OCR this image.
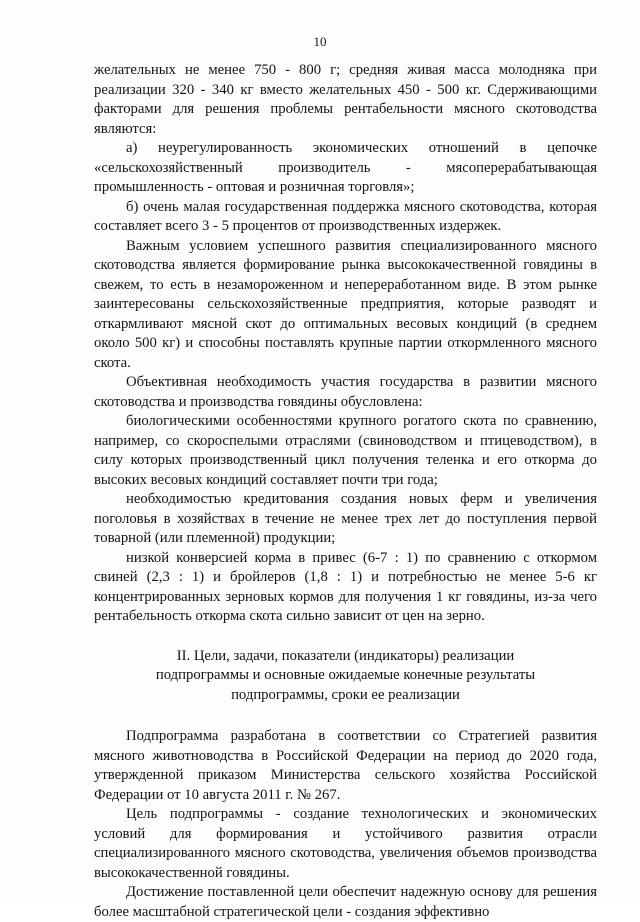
10

желательных не менее 750 - 800 г; средняя живая масса молодняка при реализации 320 - 340 кг вместо желательных 450 - 500 кг. Сдерживающими факторами для решения проблемы рентабельности мясного скотоводства являются:

а) неурегулированность экономических отношений в цепочке «сельскохозяйственный производитель - мясоперерабатывающая промышленность - оптовая и розничная торговля»;

б) очень малая государственная поддержка мясного скотоводства, которая составляет всего 3 - 5 процентов от производственных издержек.

Важным условием успешного развития специализированного мясного скотоводства является формирование рынка высококачественной говядины в свежем, то есть в незамороженном и непереработанном виде. В этом рынке заинтересованы сельскохозяйственные предприятия, которые разводят и откармливают мясной скот до оптимальных весовых кондиций (в среднем около 500 кг) и способны поставлять крупные партии откормленного мясного скота.

Объективная необходимость участия государства в развитии мясного скотоводства и производства говядины обусловлена:

биологическими особенностями крупного рогатого скота по сравнению, например, со скороспелыми отраслями (свиноводством и птицеводством), в силу которых производственный цикл получения теленка и его откорма до высоких весовых кондиций составляет почти три года;

необходимостью кредитования создания новых ферм и увеличения поголовья в хозяйствах в течение не менее трех лет до поступления первой товарной (или племенной) продукции;

низкой конверсией корма в привес (6-7 : 1) по сравнению с откормом свиней (2,3 : 1) и бройлеров (1,8 : 1) и потребностью не менее 5-6 кг концентрированных зерновых кормов для получения 1 кг говядины, из-за чего рентабельность откорма скота сильно зависит от цен на зерно.

II. Цели, задачи, показатели (индикаторы) реализации
подпрограммы и основные ожидаемые конечные результаты
подпрограммы, сроки ее реализации

Подпрограмма разработана в соответствии со Стратегией развития мясного животноводства в Российской Федерации на период до 2020 года, утвержденной приказом Министерства сельского хозяйства Российской Федерации от 10 августа 2011 г. № 267.

Цель подпрограммы - создание технологических и экономических условий для формирования и устойчивого развития отрасли специализированного мясного скотоводства, увеличения объемов производства высококачественной говядины.

Достижение поставленной цели обеспечит надежную основу для решения более масштабной стратегической цели - создания эффективно
